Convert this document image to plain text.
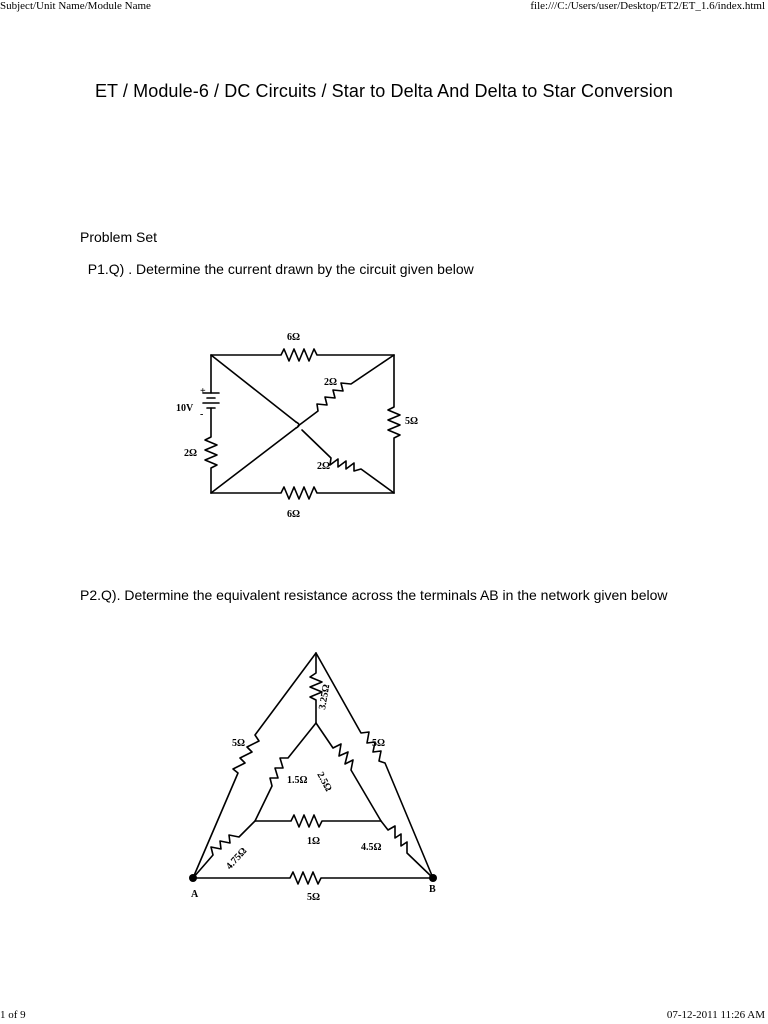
Subject/Unit Name/Module Name	file:///C:/Users/user/Desktop/ET2/ET_1.6/index.html
ET / Module-6 / DC Circuits / Star to Delta And Delta to Star Conversion
Problem Set
P1.Q) . Determine the current drawn by the circuit given below
6Ω
6Ω
2Ω
2Ω
5Ω
2Ω
10V
+
-
P2.Q). Determine the equivalent resistance across the terminals AB in the network given below
5Ω	5Ω
3.25Ω
1.5Ω 2.5Ω
1Ω
4.75Ω	4.5Ω
5Ω
A	B
1 of 9	07-12-2011 11:26 AM
